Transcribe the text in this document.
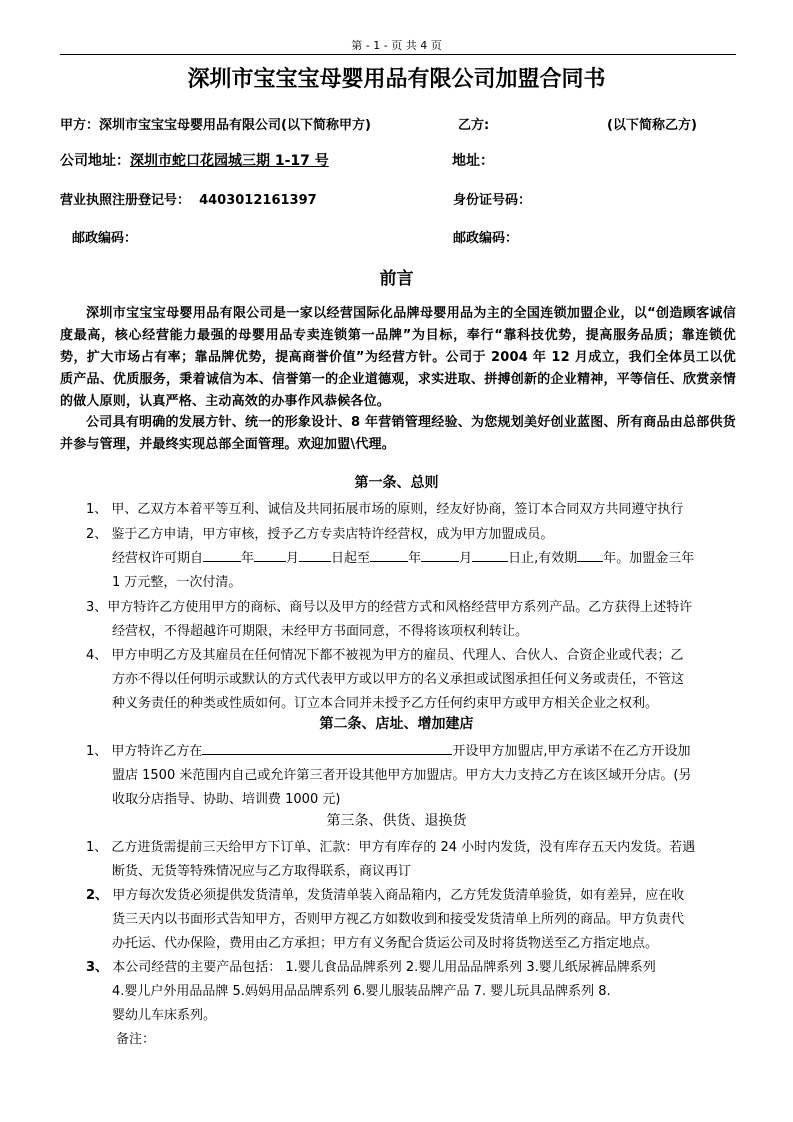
第 - 1 - 页 共 4 页
深圳市宝宝宝母婴用品有限公司加盟合同书
甲方：深圳市宝宝宝母婴用品有限公司(以下简称甲方)	乙方:	(以下简称乙方)
公司地址：深圳市蛇口花园城三期 1-17 号	地址：
营业执照注册登记号： 4403012161397	身份证号码：
邮政编码：	邮政编码：
前言
深圳市宝宝宝母婴用品有限公司是一家以经营国际化品牌母婴用品为主的全国连锁加盟企业，以“创造顾客诚信度最高，核心经营能力最强的母婴用品专卖连锁第一品牌”为目标，奉行“靠科技优势，提高服务品质；靠连锁优势，扩大市场占有率；靠品牌优势，提高商誉价值”为经营方针。公司于 2004 年 12 月成立，我们全体员工以优质产品、优质服务，秉着诚信为本、信誉第一的企业道德观，求实进取、拼搏创新的企业精神，平等信任、欣赏亲情的做人原则，认真严格、主动高效的办事作风恭候各位。
公司具有明确的发展方针、统一的形象设计、8 年营销管理经验、为您规划美好创业蓝图、所有商品由总部供货并参与管理，并最终实现总部全面管理。欢迎加盟\代理。
第一条、总则
1、 甲、乙双方本着平等互利、诚信及共同拓展市场的原则，经友好协商，签订本合同双方共同遵守执行
2、 鉴于乙方申请，甲方审核，授予乙方专卖店特许经营权，成为甲方加盟成员。
经营权许可期自	年 月 日起至	年	月	日止,有效期 年。加盟金三年
1 万元整，一次付清。
3、甲方特许乙方使用甲方的商标、商号以及甲方的经营方式和风格经营甲方系列产品。乙方获得上述特许
经营权，不得超越许可期限，未经甲方书面同意，不得将该项权利转让。
4、 甲方申明乙方及其雇员在任何情况下都不被视为甲方的雇员、代理人、合伙人、合资企业或代表；乙
方亦不得以任何明示或默认的方式代表甲方或以甲方的名义承担或试图承担任何义务或责任，不管这
种义务责任的种类或性质如何。订立本合同并未授予乙方任何约束甲方或甲方相关企业之权利。
第二条、店址、增加建店
1、 甲方特许乙方在	开设甲方加盟店,甲方承诺不在乙方开设加
盟店 1500 米范围内自己或允许第三者开设其他甲方加盟店。甲方大力支持乙方在该区域开分店。(另
收取分店指导、协助、培训费 1000 元)
第三条、供货、退换货
1、 乙方进货需提前三天给甲方下订单、汇款：甲方有库存的 24 小时内发货，没有库存五天内发货。若遇
断货、无货等特殊情况应与乙方取得联系，商议再订
2、 甲方每次发货必须提供发货清单，发货清单装入商品箱内，乙方凭发货清单验货，如有差异，应在收
货三天内以书面形式告知甲方，否则甲方视乙方如数收到和接受发货清单上所列的商品。甲方负责代
办托运、代办保险，费用由乙方承担；甲方有义务配合货运公司及时将货物送至乙方指定地点。
3、 本公司经营的主要产品包括： 1.婴儿食品品牌系列 2.婴儿用品品牌系列 3.婴儿纸尿裤品牌系列
4.婴儿户外用品品牌 5.妈妈用品品牌系列 6.婴儿服装品牌产品 7. 婴儿玩具品牌系列 8.
婴幼儿车床系列。
备注：
